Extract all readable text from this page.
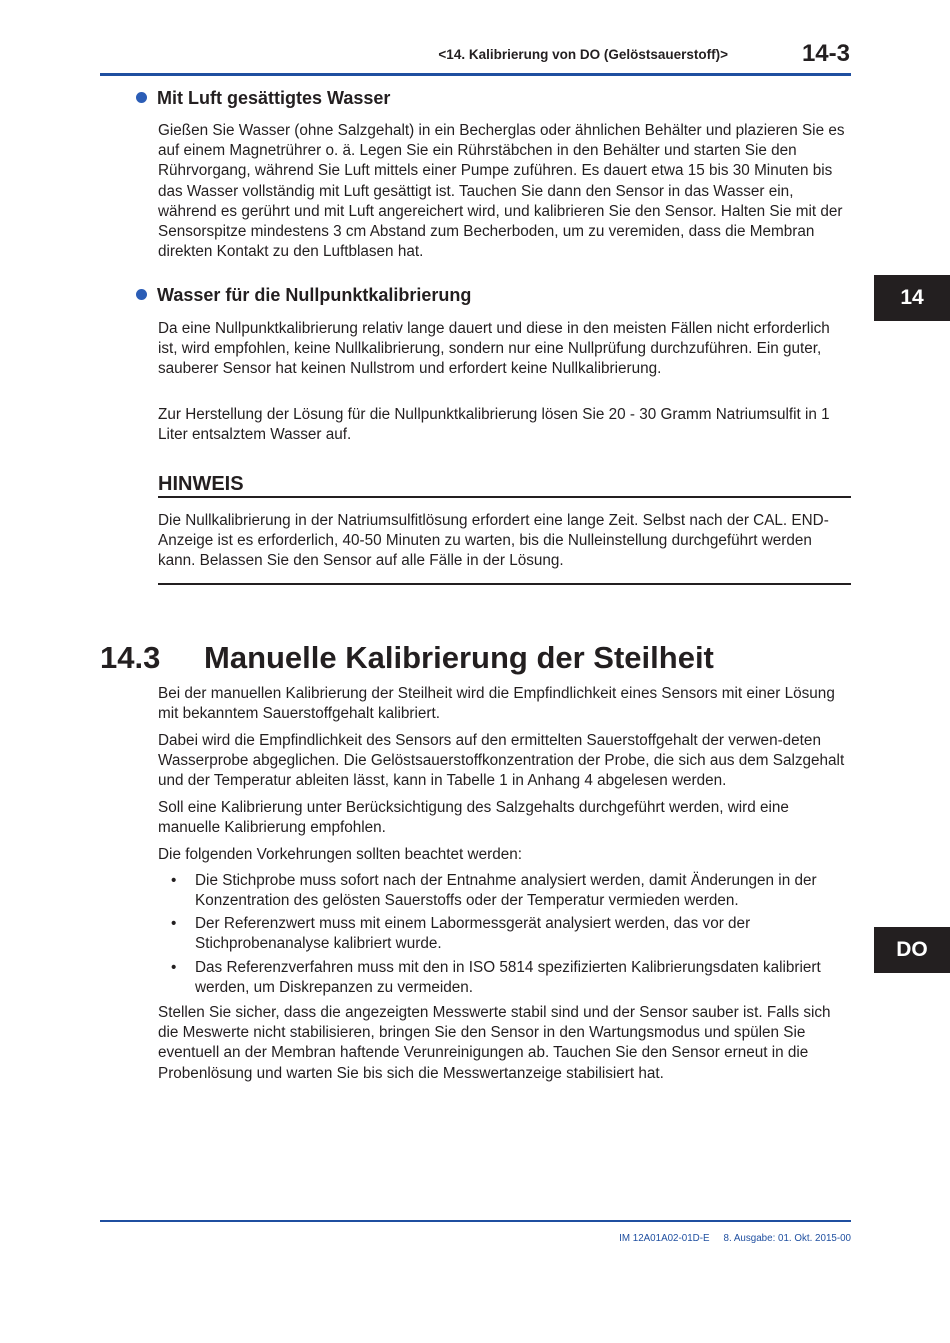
<14. Kalibrierung von DO (Gelöstsauerstoff)>	14-3
14
DO
Mit Luft gesättigtes Wasser

Gießen Sie Wasser (ohne Salzgehalt) in ein Becherglas oder ähnlichen Behälter und plazieren Sie es auf einem Magnetrührer o. ä. Legen Sie ein Rührstäbchen in den Behälter und starten Sie den Rührvorgang, während Sie Luft mittels einer Pumpe zuführen. Es dauert etwa 15 bis 30 Minuten bis das Wasser vollständig mit Luft gesättigt ist. Tauchen Sie dann den Sensor in das Wasser ein, während es gerührt und mit Luft angereichert wird, und kalibrieren Sie den Sensor. Halten Sie mit der Sensorspitze mindestens 3 cm Abstand zum Becherboden, um zu veremiden, dass die Membran direkten Kontakt zu den Luftblasen hat.

Wasser für die Nullpunktkalibrierung

Da eine Nullpunktkalibrierung relativ lange dauert und diese in den meisten Fällen nicht erforderlich ist, wird empfohlen, keine Nullkalibrierung, sondern nur eine Nullprüfung durchzuführen. Ein guter, sauberer Sensor hat keinen Nullstrom und erfordert keine Nullkalibrierung.

Zur Herstellung der Lösung für die Nullpunktkalibrierung lösen Sie 20 - 30 Gramm Natriumsulfit in 1 Liter entsalztem Wasser auf.

HINWEIS

Die Nullkalibrierung in der Natriumsulfitlösung erfordert eine lange Zeit. Selbst nach der CAL. END-Anzeige ist es erforderlich, 40-50 Minuten zu warten, bis die Nulleinstellung durchgeführt werden kann. Belassen Sie den Sensor auf alle Fälle in der Lösung.

14.3 Manuelle Kalibrierung der Steilheit

Bei der manuellen Kalibrierung der Steilheit wird die Empfindlichkeit eines Sensors mit einer Lösung mit bekanntem Sauerstoffgehalt kalibriert.

Dabei wird die Empfindlichkeit des Sensors auf den ermittelten Sauerstoffgehalt der verwen-deten Wasserprobe abgeglichen. Die Gelöstsauerstoffkonzentration der Probe, die sich aus dem Salzgehalt und der Temperatur ableiten lässt, kann in Tabelle 1 in Anhang 4 abgelesen werden.

Soll eine Kalibrierung unter Berücksichtigung des Salzgehalts durchgeführt werden, wird eine manuelle Kalibrierung empfohlen.

Die folgenden Vorkehrungen sollten beachtet werden:

• Die Stichprobe muss sofort nach der Entnahme analysiert werden, damit Änderungen in der Konzentration des gelösten Sauerstoffs oder der Temperatur vermieden werden.
• Der Referenzwert muss mit einem Labormessgerät analysiert werden, das vor der Stichprobenanalyse kalibriert wurde.
• Das Referenzverfahren muss mit den in ISO 5814 spezifizierten Kalibrierungsdaten kalibriert werden, um Diskrepanzen zu vermeiden.

Stellen Sie sicher, dass die angezeigten Messwerte stabil sind und der Sensor sauber ist. Falls sich die Meswerte nicht stabilisieren, bringen Sie den Sensor in den Wartungsmodus und spülen Sie eventuell an der Membran haftende Verunreinigungen ab. Tauchen Sie den Sensor erneut in die Probenlösung und warten Sie bis sich die Messwertanzeige stabilisiert hat.

IM 12A01A02-01D-E 8. Ausgabe: 01. Okt. 2015-00
